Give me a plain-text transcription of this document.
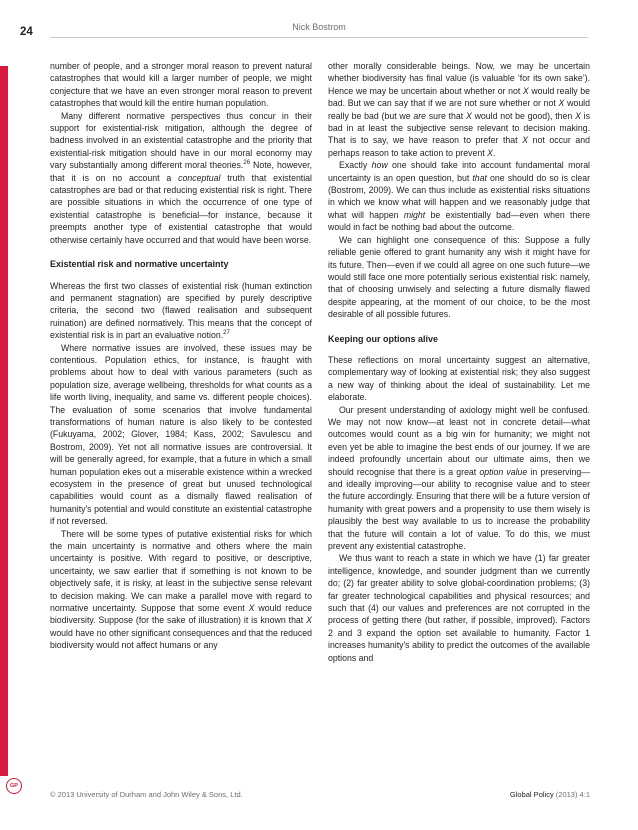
24	Nick Bostrom

number of people, and a stronger moral reason to prevent natural catastrophes that would kill a larger number of people, we might conjecture that we have an even stronger moral reason to prevent catastrophes that would kill the entire human population.

Many different normative perspectives thus concur in their support for existential-risk mitigation, although the degree of badness involved in an existential catastrophe and the priority that existential-risk mitigation should have in our moral economy may vary substantially among different moral theories.$^{26}$ Note, however, that it is on no account a conceptual truth that existential catastrophes are bad or that reducing existential risk is right. There are possible situations in which the occurrence of one type of existential catastrophe is beneficial—for instance, because it preempts another type of existential catastrophe that would otherwise certainly have occurred and that would have been worse.

Existential risk and normative uncertainty

Whereas the first two classes of existential risk (human extinction and permanent stagnation) are specified by purely descriptive criteria, the second two (flawed realisation and subsequent ruination) are defined normatively. This means that the concept of existential risk is in part an evaluative notion.$^{27}$

Where normative issues are involved, these issues may be contentious. Population ethics, for instance, is fraught with problems about how to deal with various parameters (such as population size, average wellbeing, thresholds for what counts as a life worth living, inequality, and same vs. different people choices). The evaluation of some scenarios that involve fundamental transformations of human nature is also likely to be contested (Fukuyama, 2002; Glover, 1984; Kass, 2002; Savulescu and Bostrom, 2009). Yet not all normative issues are controversial. It will be generally agreed, for example, that a future in which a small human population ekes out a miserable existence within a wrecked ecosystem in the presence of great but unused technological capabilities would count as a dismally flawed realisation of humanity's potential and would constitute an existential catastrophe if not reversed.

There will be some types of putative existential risks for which the main uncertainty is normative and others where the main uncertainty is positive. With regard to positive, or descriptive, uncertainty, we saw earlier that if something is not known to be objectively safe, it is risky, at least in the subjective sense relevant to decision making. We can make a parallel move with regard to normative uncertainty. Suppose that some event X would reduce biodiversity. Suppose (for the sake of illustration) it is known that X would have no other significant consequences and that the reduced biodiversity would not affect humans or any

other morally considerable beings. Now, we may be uncertain whether biodiversity has final value (is valuable ‘for its own sake’). Hence we may be uncertain about whether or not X would really be bad. But we can say that if we are not sure whether or not X would really be bad (but we are sure that X would not be good), then X is bad in at least the subjective sense relevant to decision making. That is to say, we have reason to prefer that X not occur and perhaps reason to take action to prevent X.

Exactly how one should take into account fundamental moral uncertainty is an open question, but that one should do so is clear (Bostrom, 2009). We can thus include as existential risks situations in which we know what will happen and we reasonably judge that what will happen might be existentially bad—even when there would in fact be nothing bad about the outcome.

We can highlight one consequence of this: Suppose a fully reliable genie offered to grant humanity any wish it might have for its future. Then—even if we could all agree on one such future—we would still face one more potentially serious existential risk: namely, that of choosing unwisely and selecting a future dismally flawed despite appearing, at the moment of our choice, to be the most desirable of all possible futures.

Keeping our options alive

These reflections on moral uncertainty suggest an alternative, complementary way of looking at existential risk; they also suggest a new way of thinking about the ideal of sustainability. Let me elaborate.

Our present understanding of axiology might well be confused. We may not now know—at least not in concrete detail—what outcomes would count as a big win for humanity; we might not even yet be able to imagine the best ends of our journey. If we are indeed profoundly uncertain about our ultimate aims, then we should recognise that there is a great option value in preserving—and ideally improving—our ability to recognise value and to steer the future accordingly. Ensuring that there will be a future version of humanity with great powers and a propensity to use them wisely is plausibly the best way available to us to increase the probability that the future will contain a lot of value. To do this, we must prevent any existential catastrophe.

We thus want to reach a state in which we have (1) far greater intelligence, knowledge, and sounder judgment than we currently do; (2) far greater ability to solve global-coordination problems; (3) far greater technological capabilities and physical resources; and such that (4) our values and preferences are not corrupted in the process of getting there (but rather, if possible, improved). Factors 2 and 3 expand the option set available to humanity. Factor 1 increases humanity's ability to predict the outcomes of the available options and

GP
© 2013 University of Durham and John Wiley & Sons, Ltd.	Global Policy (2013) 4:1
